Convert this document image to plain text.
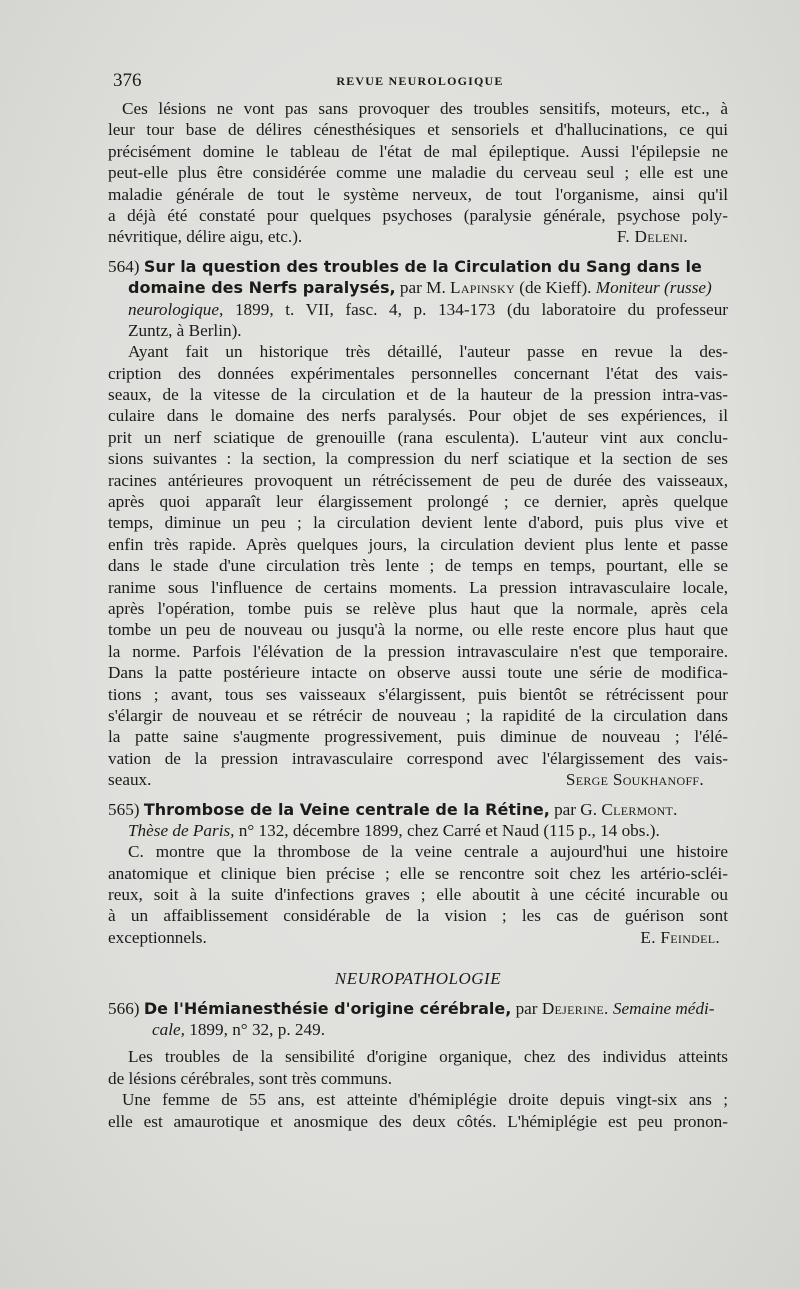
376	REVUE NEUROLOGIQUE
Ces lésions ne vont pas sans provoquer des troubles sensitifs, moteurs, etc., à
leur tour base de délires cénesthésiques et sensoriels et d'hallucinations, ce qui
précisément domine le tableau de l'état de mal épileptique. Aussi l'épilepsie ne
peut-elle plus être considérée comme une maladie du cerveau seul ; elle est une
maladie générale de tout le système nerveux, de tout l'organisme, ainsi qu'il
a déjà été constaté pour quelques psychoses (paralysie générale, psychose poly-
névritique, délire aigu, etc.).	F. Deleni.
564) Sur la question des troubles de la Circulation du Sang dans le
domaine des Nerfs paralysés, par M. Lapinsky (de Kieff). Moniteur (russe)
neurologique, 1899, t. VII, fasc. 4, p. 134-173 (du laboratoire du professeur
Zuntz, à Berlin).
Ayant fait un historique très détaillé, l'auteur passe en revue la des-
cription des données expérimentales personnelles concernant l'état des vais-
seaux, de la vitesse de la circulation et de la hauteur de la pression intra-vas-
culaire dans le domaine des nerfs paralysés. Pour objet de ses expériences, il
prit un nerf sciatique de grenouille (rana esculenta). L'auteur vint aux conclu-
sions suivantes : la section, la compression du nerf sciatique et la section de ses
racines antérieures provoquent un rétrécissement de peu de durée des vaisseaux,
après quoi apparaît leur élargissement prolongé ; ce dernier, après quelque
temps, diminue un peu ; la circulation devient lente d'abord, puis plus vive et
enfin très rapide. Après quelques jours, la circulation devient plus lente et passe
dans le stade d'une circulation très lente ; de temps en temps, pourtant, elle se
ranime sous l'influence de certains moments. La pression intravasculaire locale,
après l'opération, tombe puis se relève plus haut que la normale, après cela
tombe un peu de nouveau ou jusqu'à la norme, ou elle reste encore plus haut que
la norme. Parfois l'élévation de la pression intravasculaire n'est que temporaire.
Dans la patte postérieure intacte on observe aussi toute une série de modifica-
tions ; avant, tous ses vaisseaux s'élargissent, puis bientôt se rétrécissent pour
s'élargir de nouveau et se rétrécir de nouveau ; la rapidité de la circulation dans
la patte saine s'augmente progressivement, puis diminue de nouveau ; l'élé-
vation de la pression intravasculaire correspond avec l'élargissement des vais-
seaux.	Serge Soukhanoff.
565) Thrombose de la Veine centrale de la Rétine, par G. Clermont.
Thèse de Paris, n° 132, décembre 1899, chez Carré et Naud (115 p., 14 obs.).
C. montre que la thrombose de la veine centrale a aujourd'hui une histoire
anatomique et clinique bien précise ; elle se rencontre soit chez les artério-scléi-
reux, soit à la suite d'infections graves ; elle aboutit à une cécité incurable ou
à un affaiblissement considérable de la vision ; les cas de guérison sont
exceptionnels.	E. Feindel.
NEUROPATHOLOGIE
566) De l'Hémianesthésie d'origine cérébrale, par Dejerine. Semaine médi-
cale, 1899, n° 32, p. 249.
Les troubles de la sensibilité d'origine organique, chez des individus atteints
de lésions cérébrales, sont très communs.
Une femme de 55 ans, est atteinte d'hémiplégie droite depuis vingt-six ans ;
elle est amaurotique et anosmique des deux côtés. L'hémiplégie est peu pronon-
